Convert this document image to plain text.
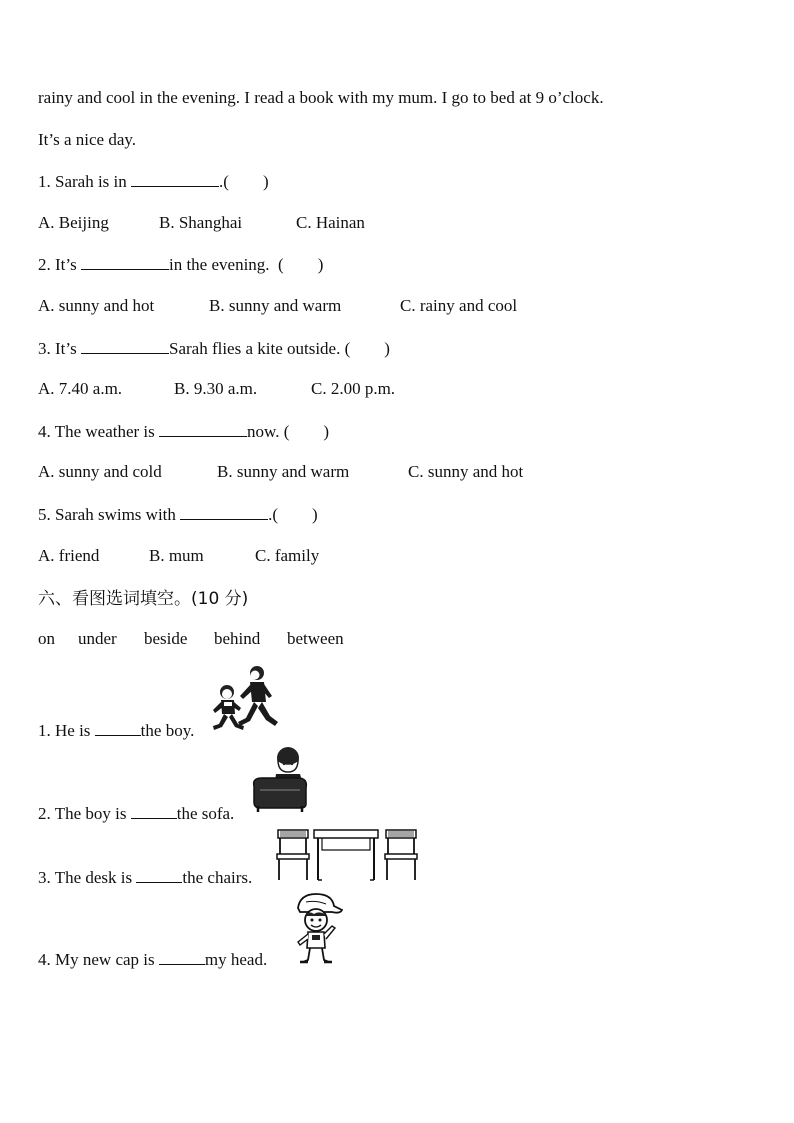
rainy and cool in the evening. I read a book with my mum. I go to bed at 9 o’clock.
It’s a nice day.
1. Sarah is in	.(        )
A. Beijing	B. Shanghai	C. Hainan
2. It’s	in the evening.  (        )
A. sunny and hot	B. sunny and warm	C. rainy and cool
3. It’s	Sarah flies a kite outside. (        )
A. 7.40 a.m.	B. 9.30 a.m.	C. 2.00 p.m.
4. The weather is	now. (        )
A. sunny and cold	B. sunny and warm	C. sunny and hot
5. Sarah swims with	.(        )
A. friend	B. mum	C. family
六、看图选词填空。(10 分)
on under beside behind between
1. He is	the boy.
2. The boy is	the sofa.
3. The desk is	the chairs.
4. My new cap is	my head.
